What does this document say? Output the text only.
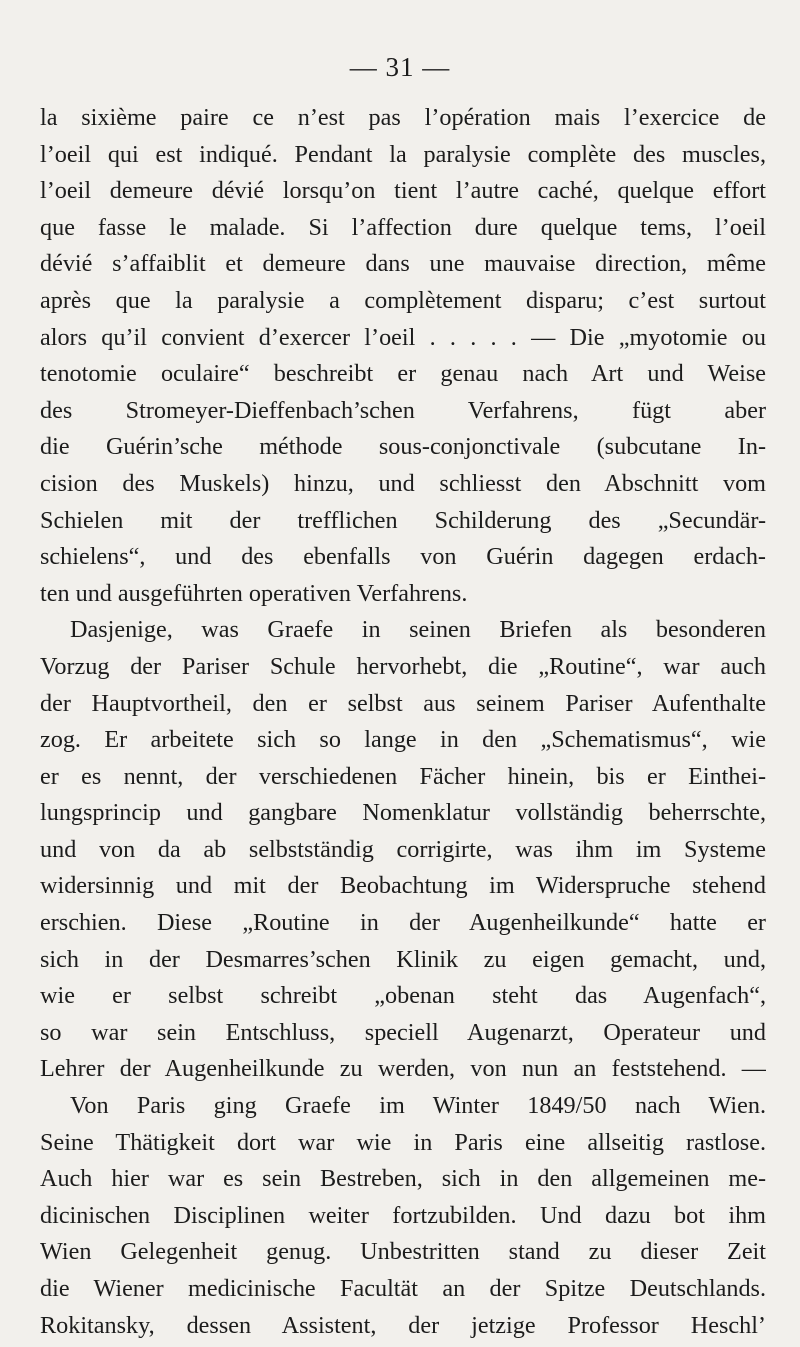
— 31 —
la sixième paire ce n’est pas l’opération mais l’exercice de
l’oeil qui est indiqué. Pendant la paralysie complète des muscles,
l’oeil demeure dévié lorsqu’on tient l’autre caché, quelque effort
que fasse le malade. Si l’affection dure quelque tems, l’oeil
dévié s’affaiblit et demeure dans une mauvaise direction, même
après que la paralysie a complètement disparu; c’est surtout
alors qu’il convient d’exercer l’oeil . . . . . — Die „myotomie ou
tenotomie oculaire“ beschreibt er genau nach Art und Weise
des Stromeyer-Dieffenbach’schen Verfahrens, fügt aber
die Guérin’sche méthode sous-conjonctivale (subcutane In-
cision des Muskels) hinzu, und schliesst den Abschnitt vom
Schielen mit der trefflichen Schilderung des „Secundär-
schielens“, und des ebenfalls von Guérin dagegen erdach-
ten und ausgeführten operativen Verfahrens.
Dasjenige, was Graefe in seinen Briefen als besonderen
Vorzug der Pariser Schule hervorhebt, die „Routine“, war auch
der Hauptvortheil, den er selbst aus seinem Pariser Aufenthalte
zog. Er arbeitete sich so lange in den „Schematismus“, wie
er es nennt, der verschiedenen Fächer hinein, bis er Einthei-
lungsprincip und gangbare Nomenklatur vollständig beherrschte,
und von da ab selbstständig corrigirte, was ihm im Systeme
widersinnig und mit der Beobachtung im Widerspruche stehend
erschien. Diese „Routine in der Augenheilkunde“ hatte er
sich in der Desmarres’schen Klinik zu eigen gemacht, und,
wie er selbst schreibt „obenan steht das Augenfach“,
so war sein Entschluss, speciell Augenarzt, Operateur und
Lehrer der Augenheilkunde zu werden, von nun an feststehend. —
Von Paris ging Graefe im Winter 1849/50 nach Wien.
Seine Thätigkeit dort war wie in Paris eine allseitig rastlose.
Auch hier war es sein Bestreben, sich in den allgemeinen me-
dicinischen Disciplinen weiter fortzubilden. Und dazu bot ihm
Wien Gelegenheit genug. Unbestritten stand zu dieser Zeit
die Wiener medicinische Facultät an der Spitze Deutschlands.
Rokitansky, dessen Assistent, der jetzige Professor Heschl’
